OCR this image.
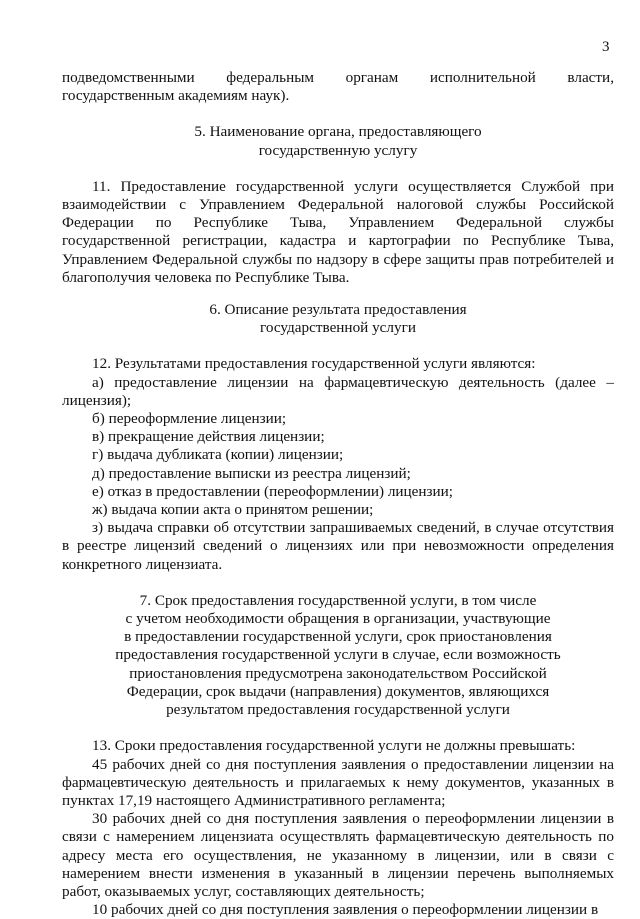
3

подведомственными федеральным органам исполнительной власти, государственным академиям наук).

5. Наименование органа, предоставляющего
государственную услугу

11. Предоставление государственной услуги осуществляется Службой при взаимодействии с Управлением Федеральной налоговой службы Российской Федерации по Республике Тыва, Управлением Федеральной службы государственной регистрации, кадастра и картографии по Республике Тыва, Управлением Федеральной службы по надзору в сфере защиты прав потребителей и благополучия человека по Республике Тыва.

6. Описание результата предоставления
государственной услуги

12. Результатами предоставления государственной услуги являются:

а) предоставление лицензии на фармацевтическую деятельность (далее – лицензия);

б) переоформление лицензии;

в) прекращение действия лицензии;

г) выдача дубликата (копии) лицензии;

д) предоставление выписки из реестра лицензий;

е) отказ в предоставлении (переоформлении) лицензии;

ж) выдача копии акта о принятом решении;

з) выдача справки об отсутствии запрашиваемых сведений, в случае отсутствия в реестре лицензий сведений о лицензиях или при невозможности определения конкретного лицензиата.

7. Срок предоставления государственной услуги, в том числе
с учетом необходимости обращения в организации, участвующие
в предоставлении государственной услуги, срок приостановления
предоставления государственной услуги в случае, если возможность
приостановления предусмотрена законодательством Российской
Федерации, срок выдачи (направления) документов, являющихся
результатом предоставления государственной услуги

13. Сроки предоставления государственной услуги не должны превышать:

45 рабочих дней со дня поступления заявления о предоставлении лицензии на фармацевтическую деятельность и прилагаемых к нему документов, указанных в пунктах 17,19 настоящего Административного регламента;

30 рабочих дней со дня поступления заявления о переоформлении лицензии в связи с намерением лицензиата осуществлять фармацевтическую деятельность по адресу места его осуществления, не указанному в лицензии, или в связи с намерением внести изменения в указанный в лицензии перечень выполняемых работ, оказываемых услуг, составляющих деятельность;

10 рабочих дней со дня поступления заявления о переоформлении лицензии в
